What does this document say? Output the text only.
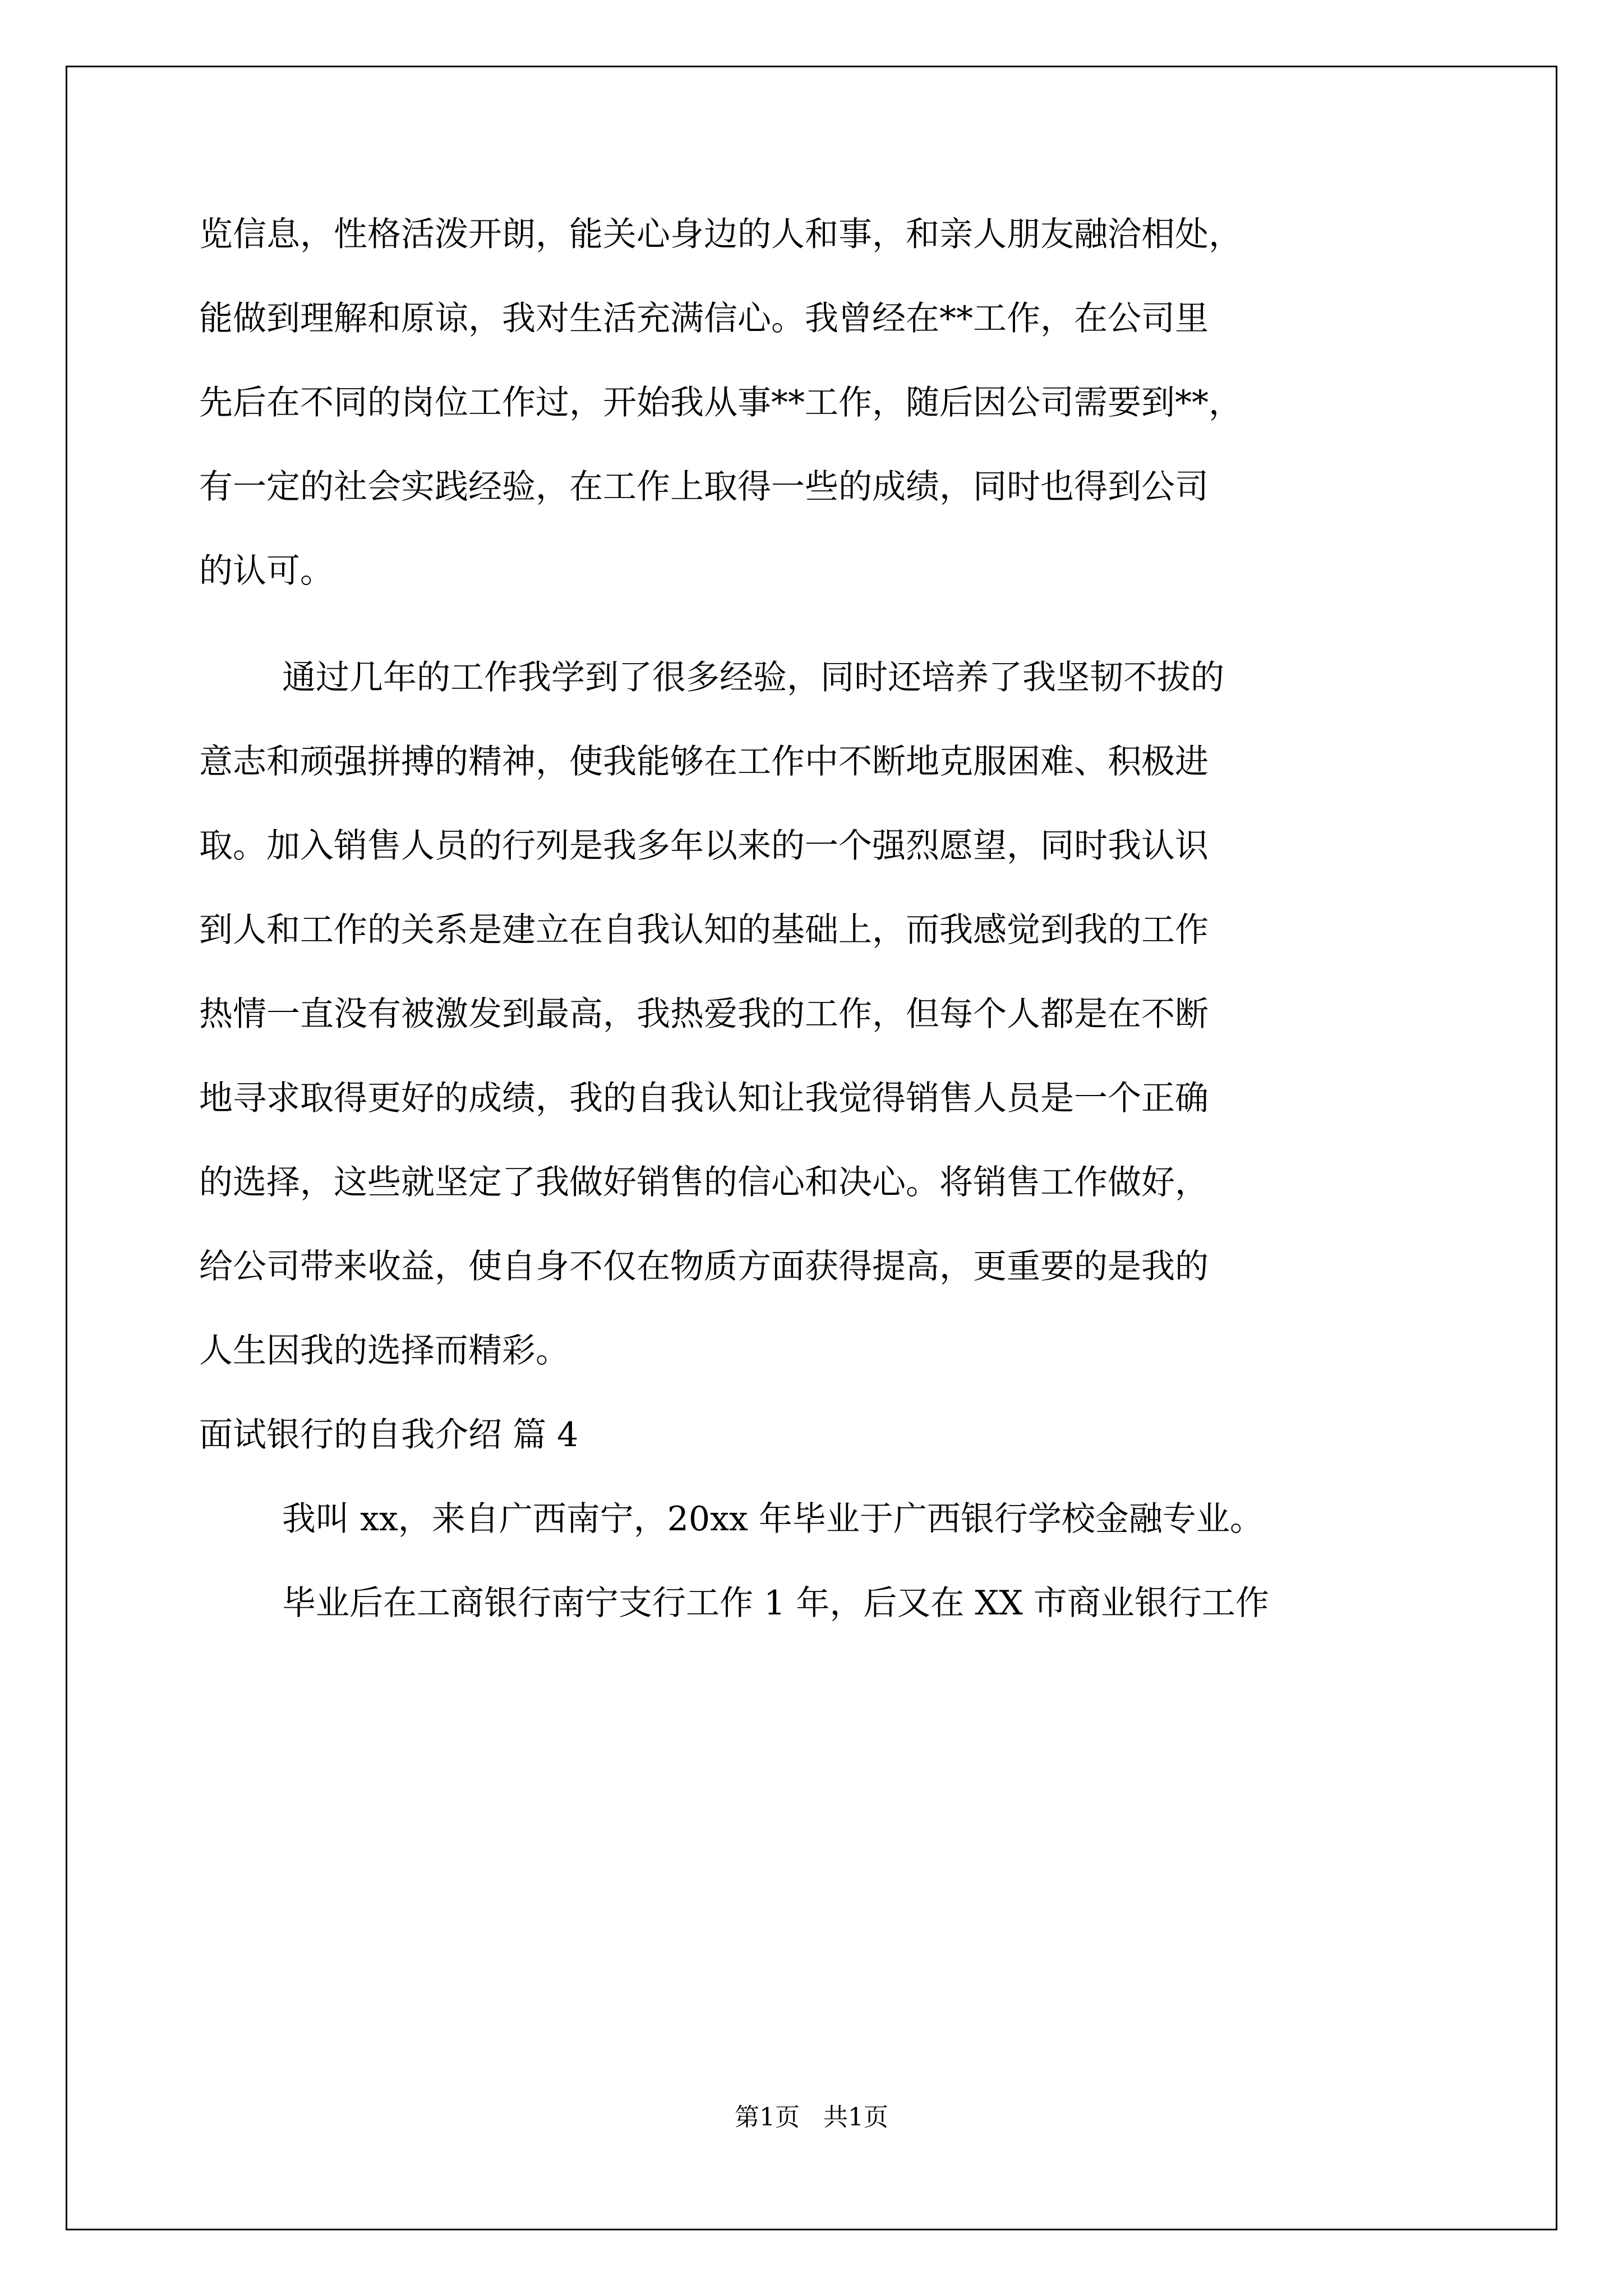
览信息，性格活泼开朗，能关心身边的人和事，和亲人朋友融洽相处，
能做到理解和原谅，我对生活充满信心。我曾经在**工作，在公司里
先后在不同的岗位工作过，开始我从事**工作，随后因公司需要到**，
有一定的社会实践经验，在工作上取得一些的成绩，同时也得到公司
的认可。
通过几年的工作我学到了很多经验，同时还培养了我坚韧不拔的
意志和顽强拼搏的精神，使我能够在工作中不断地克服困难、积极进
取。加入销售人员的行列是我多年以来的一个强烈愿望，同时我认识
到人和工作的关系是建立在自我认知的基础上，而我感觉到我的工作
热情一直没有被激发到最高，我热爱我的工作，但每个人都是在不断
地寻求取得更好的成绩，我的自我认知让我觉得销售人员是一个正确
的选择，这些就坚定了我做好销售的信心和决心。将销售工作做好，
给公司带来收益，使自身不仅在物质方面获得提高，更重要的是我的
人生因我的选择而精彩。
面试银行的自我介绍 篇 4
我叫 xx，来自广西南宁，20xx 年毕业于广西银行学校金融专业。
毕业后在工商银行南宁支行工作 1 年，后又在 XX 市商业银行工作
第1页   共1页
